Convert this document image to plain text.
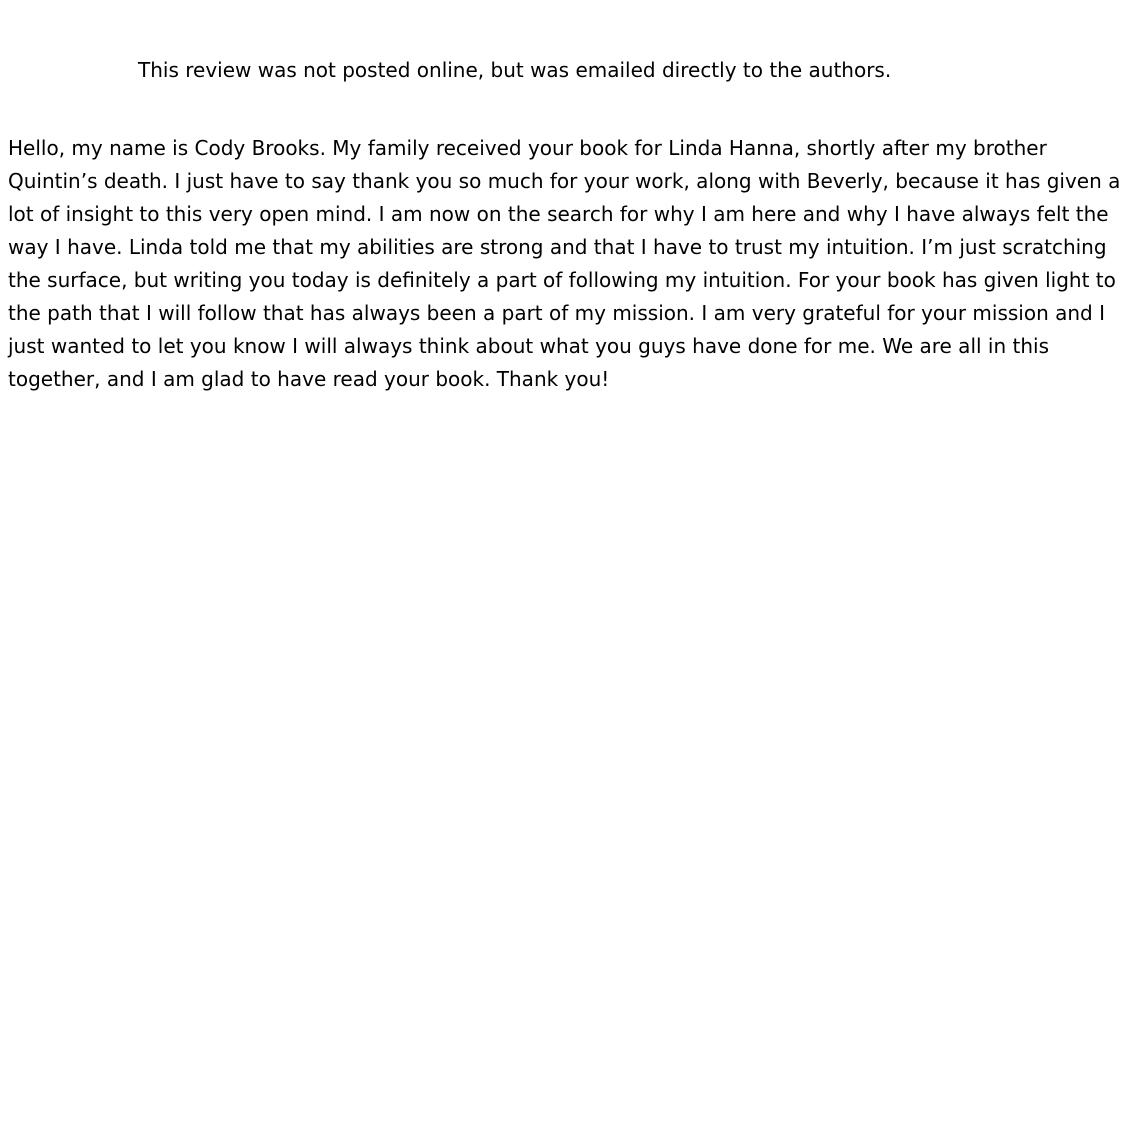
This review was not posted online, but was emailed directly to the authors.

Hello, my name is Cody Brooks. My family received your book for Linda Hanna, shortly after my brother
Quintin’s death. I just have to say thank you so much for your work, along with Beverly, because it has given a
lot of insight to this very open mind. I am now on the search for why I am here and why I have always felt the
way I have. Linda told me that my abilities are strong and that I have to trust my intuition. I’m just scratching
the surface, but writing you today is definitely a part of following my intuition. For your book has given light to
the path that I will follow that has always been a part of my mission. I am very grateful for your mission and I
just wanted to let you know I will always think about what you guys have done for me. We are all in this
together, and I am glad to have read your book. Thank you!
